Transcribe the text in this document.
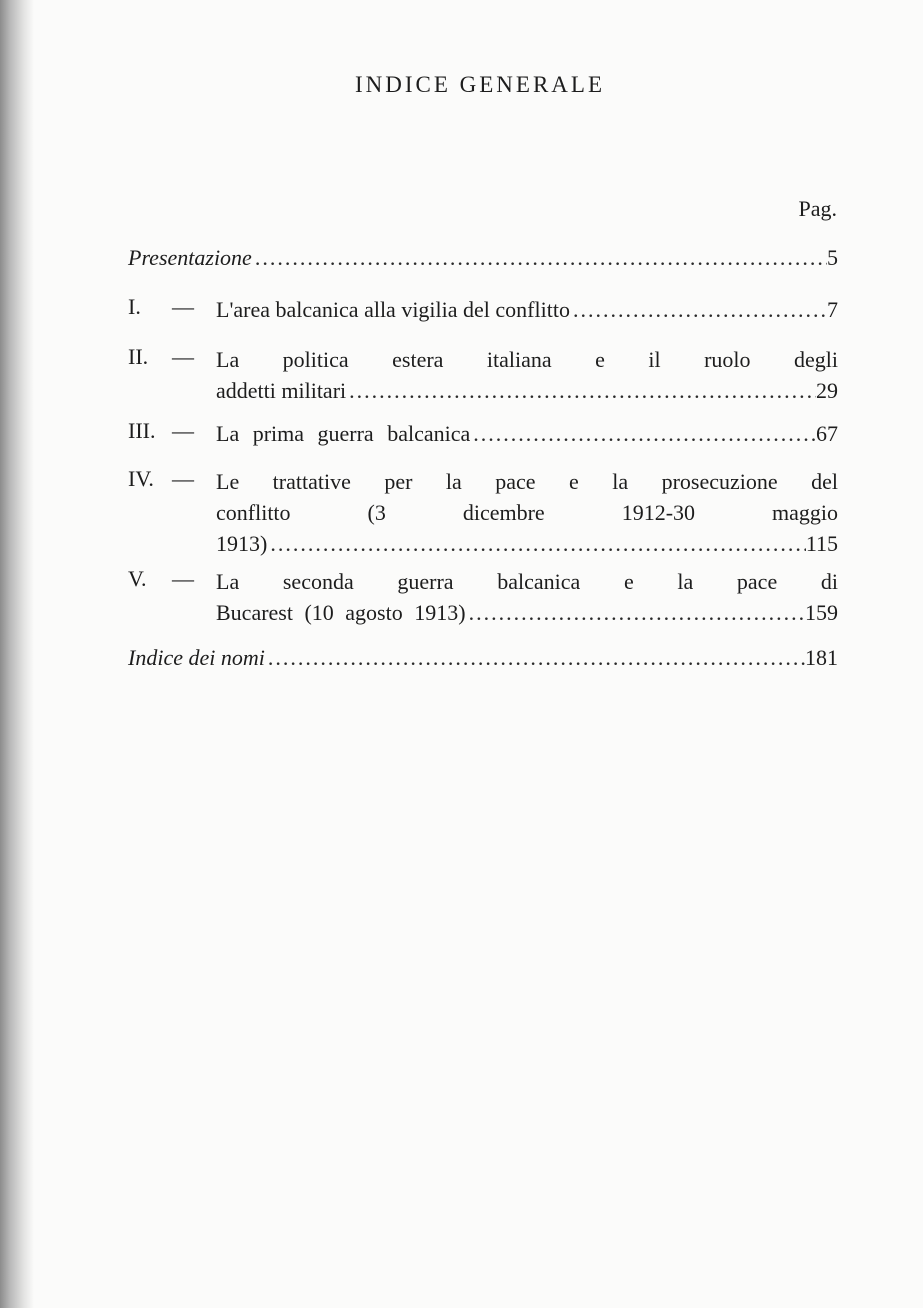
INDICE GENERALE
Pag.
Presentazione .....	5
I. — L'area balcanica alla vigilia del conflitto .....	7
II. — La politica estera italiana e il ruolo degli
addetti militari .....	29
III. — La prima guerra balcanica .....	67
IV. — Le trattative per la pace e la prosecuzione del
conflitto (3 dicembre 1912-30 maggio
1913) .....	115
V. — La seconda guerra balcanica e la pace di
Bucarest (10 agosto 1913) .....	159
Indice dei nomi .....	181
